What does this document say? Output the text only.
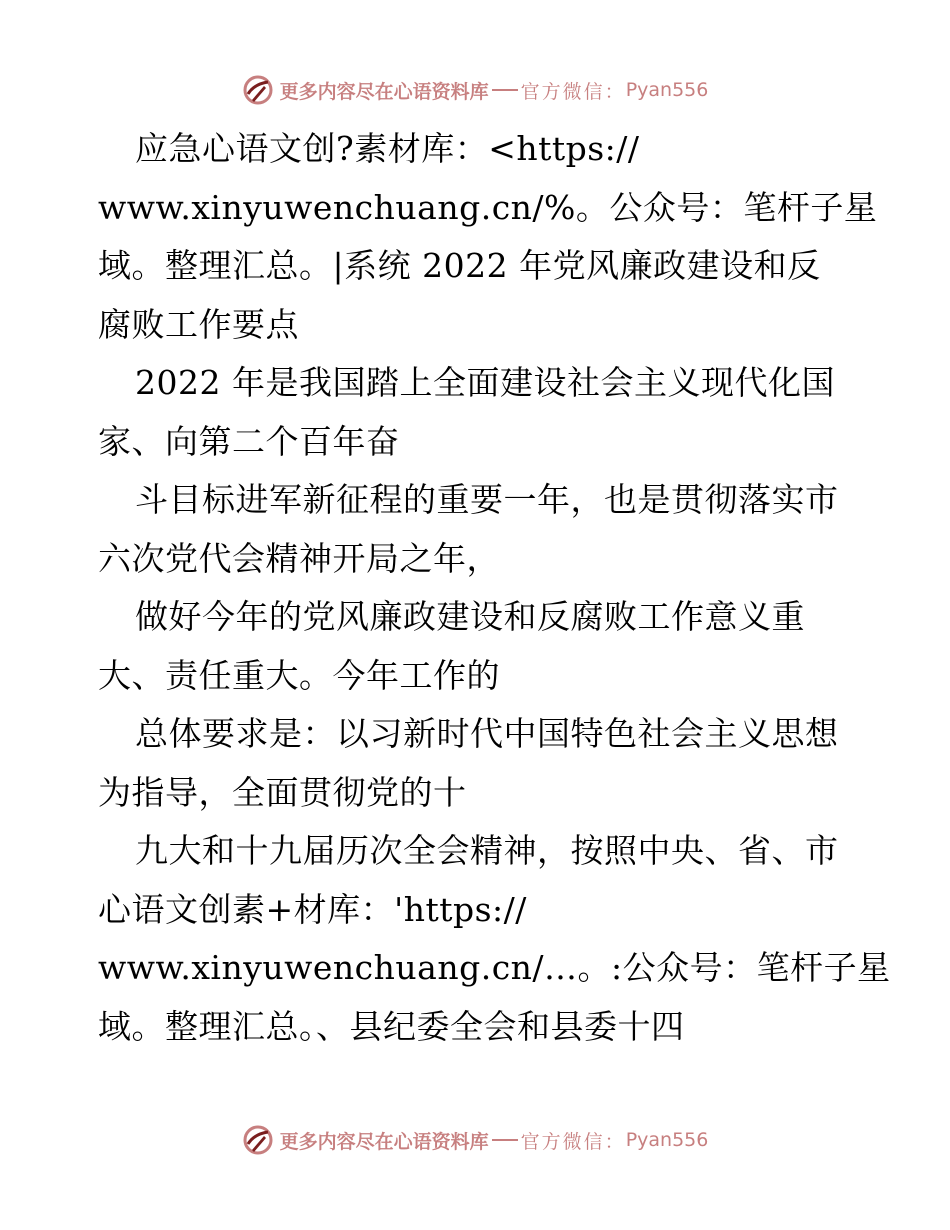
更多内容尽在心语资料库 官方微信： Pyan556
应急心语文创?素材库：<https://
www.xinyuwenchuang.cn/%。公众号：笔杆子星
域。整理汇总。|系统 2022 年党风廉政建设和反
腐败工作要点
2022 年是我国踏上全面建设社会主义现代化国
家、向第二个百年奋
斗目标进军新征程的重要一年，也是贯彻落实市
六次党代会精神开局之年，
做好今年的党风廉政建设和反腐败工作意义重
大、责任重大。今年工作的
总体要求是：以习新时代中国特色社会主义思想
为指导，全面贯彻党的十
九大和十九届历次全会精神，按照中央、省、市
心语文创素+材库：'https://
www.xinyuwenchuang.cn/…。:公众号：笔杆子星
域。整理汇总。、县纪委全会和县委十四
更多内容尽在心语资料库 官方微信： Pyan556
